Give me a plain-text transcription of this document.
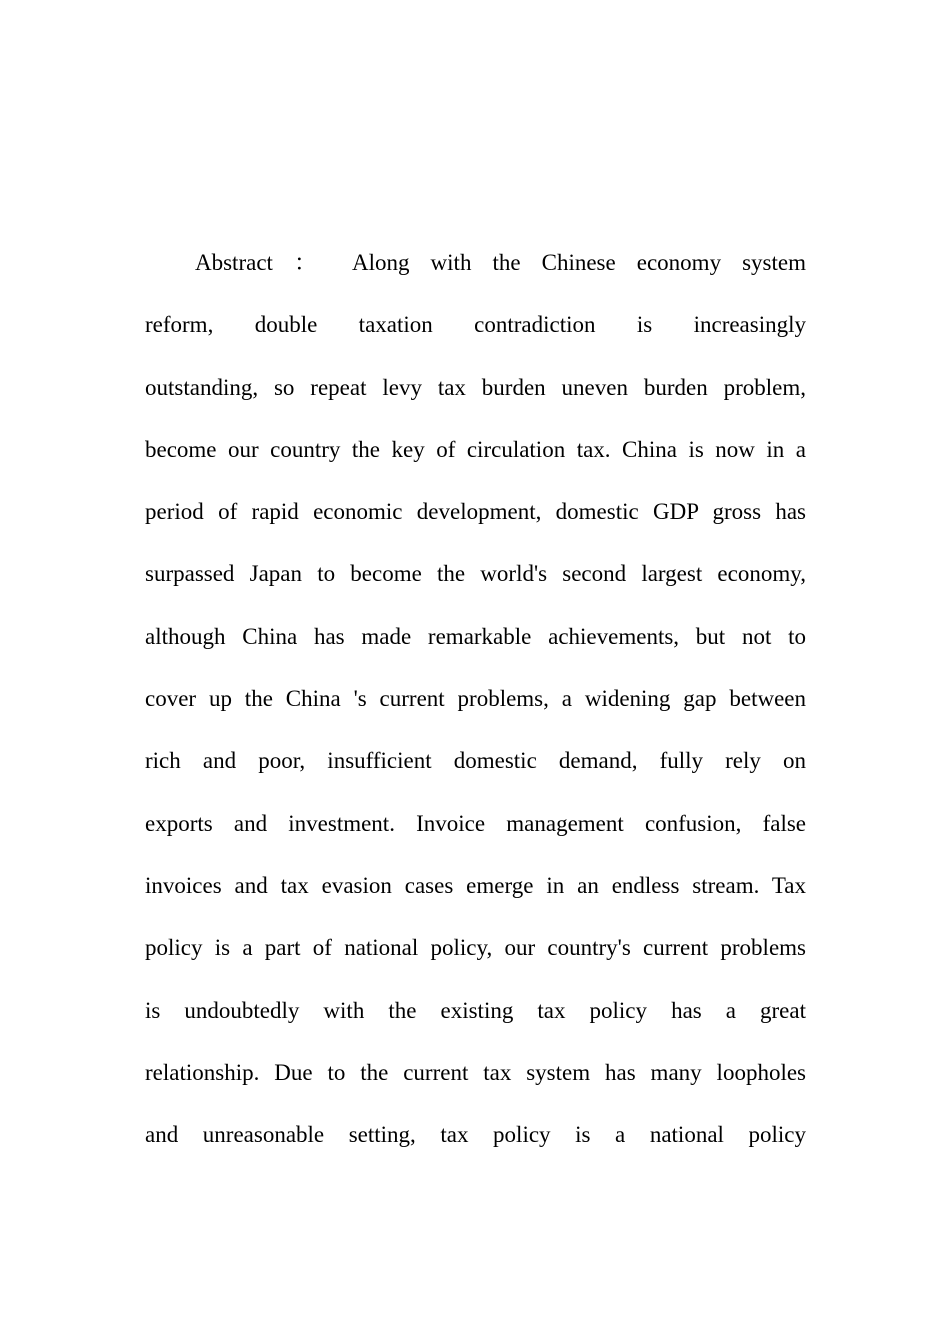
Abstract ： Along with the Chinese economy system
reform, double taxation contradiction is increasingly
outstanding, so repeat levy tax burden uneven burden problem,
become our country the key of circulation tax. China is now in a
period of rapid economic development, domestic GDP gross has
surpassed Japan to become the world's second largest economy,
although China has made remarkable achievements, but not to
cover up the China 's current problems, a widening gap between
rich and poor, insufficient domestic demand, fully rely on
exports and investment. Invoice management confusion, false
invoices and tax evasion cases emerge in an endless stream. Tax
policy is a part of national policy, our country's current problems
is undoubtedly with the existing tax policy has a great
relationship. Due to the current tax system has many loopholes
and unreasonable setting, tax policy is a national policy
